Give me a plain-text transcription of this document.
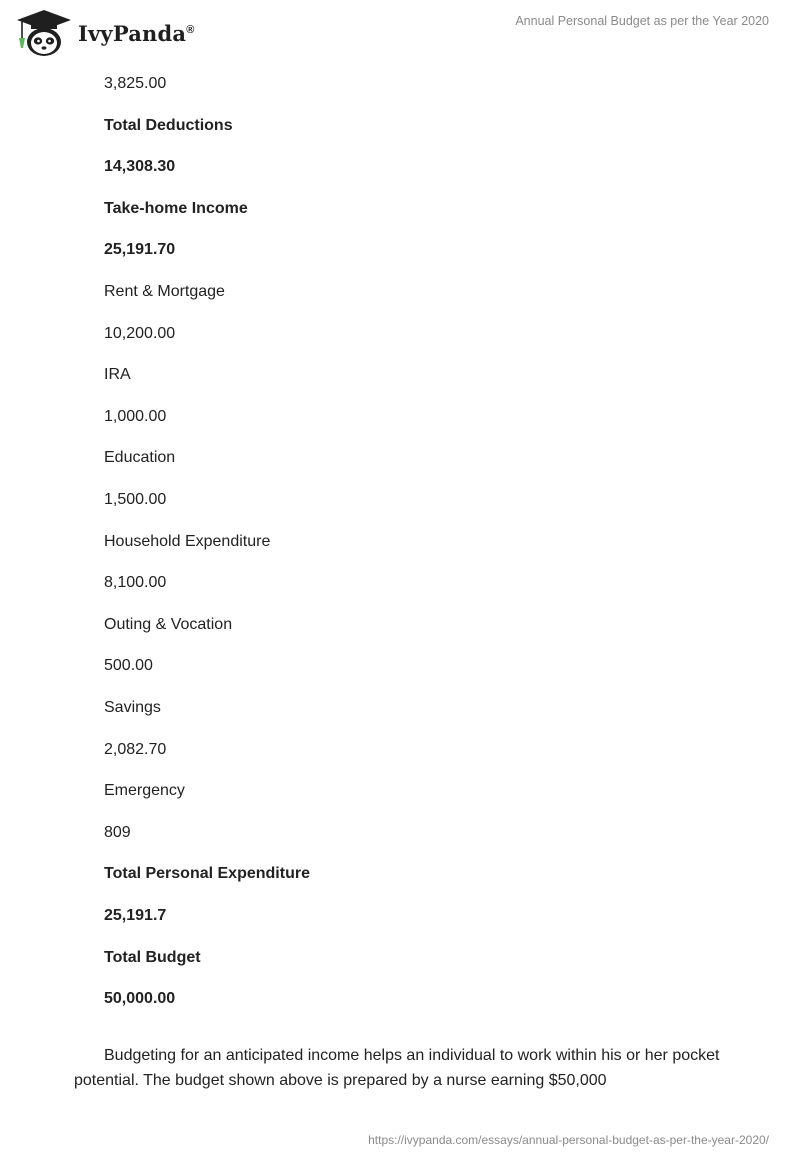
IvyPanda®
Annual Personal Budget as per the Year 2020
3,825.00
Total Deductions
14,308.30
Take-home Income
25,191.70
Rent & Mortgage
10,200.00
IRA
1,000.00
Education
1,500.00
Household Expenditure
8,100.00
Outing & Vocation
500.00
Savings
2,082.70
Emergency
809
Total Personal Expenditure
25,191.7
Total Budget
50,000.00

Budgeting for an anticipated income helps an individual to work within his or her pocket potential. The budget shown above is prepared by a nurse earning $50,000

https://ivypanda.com/essays/annual-personal-budget-as-per-the-year-2020/
